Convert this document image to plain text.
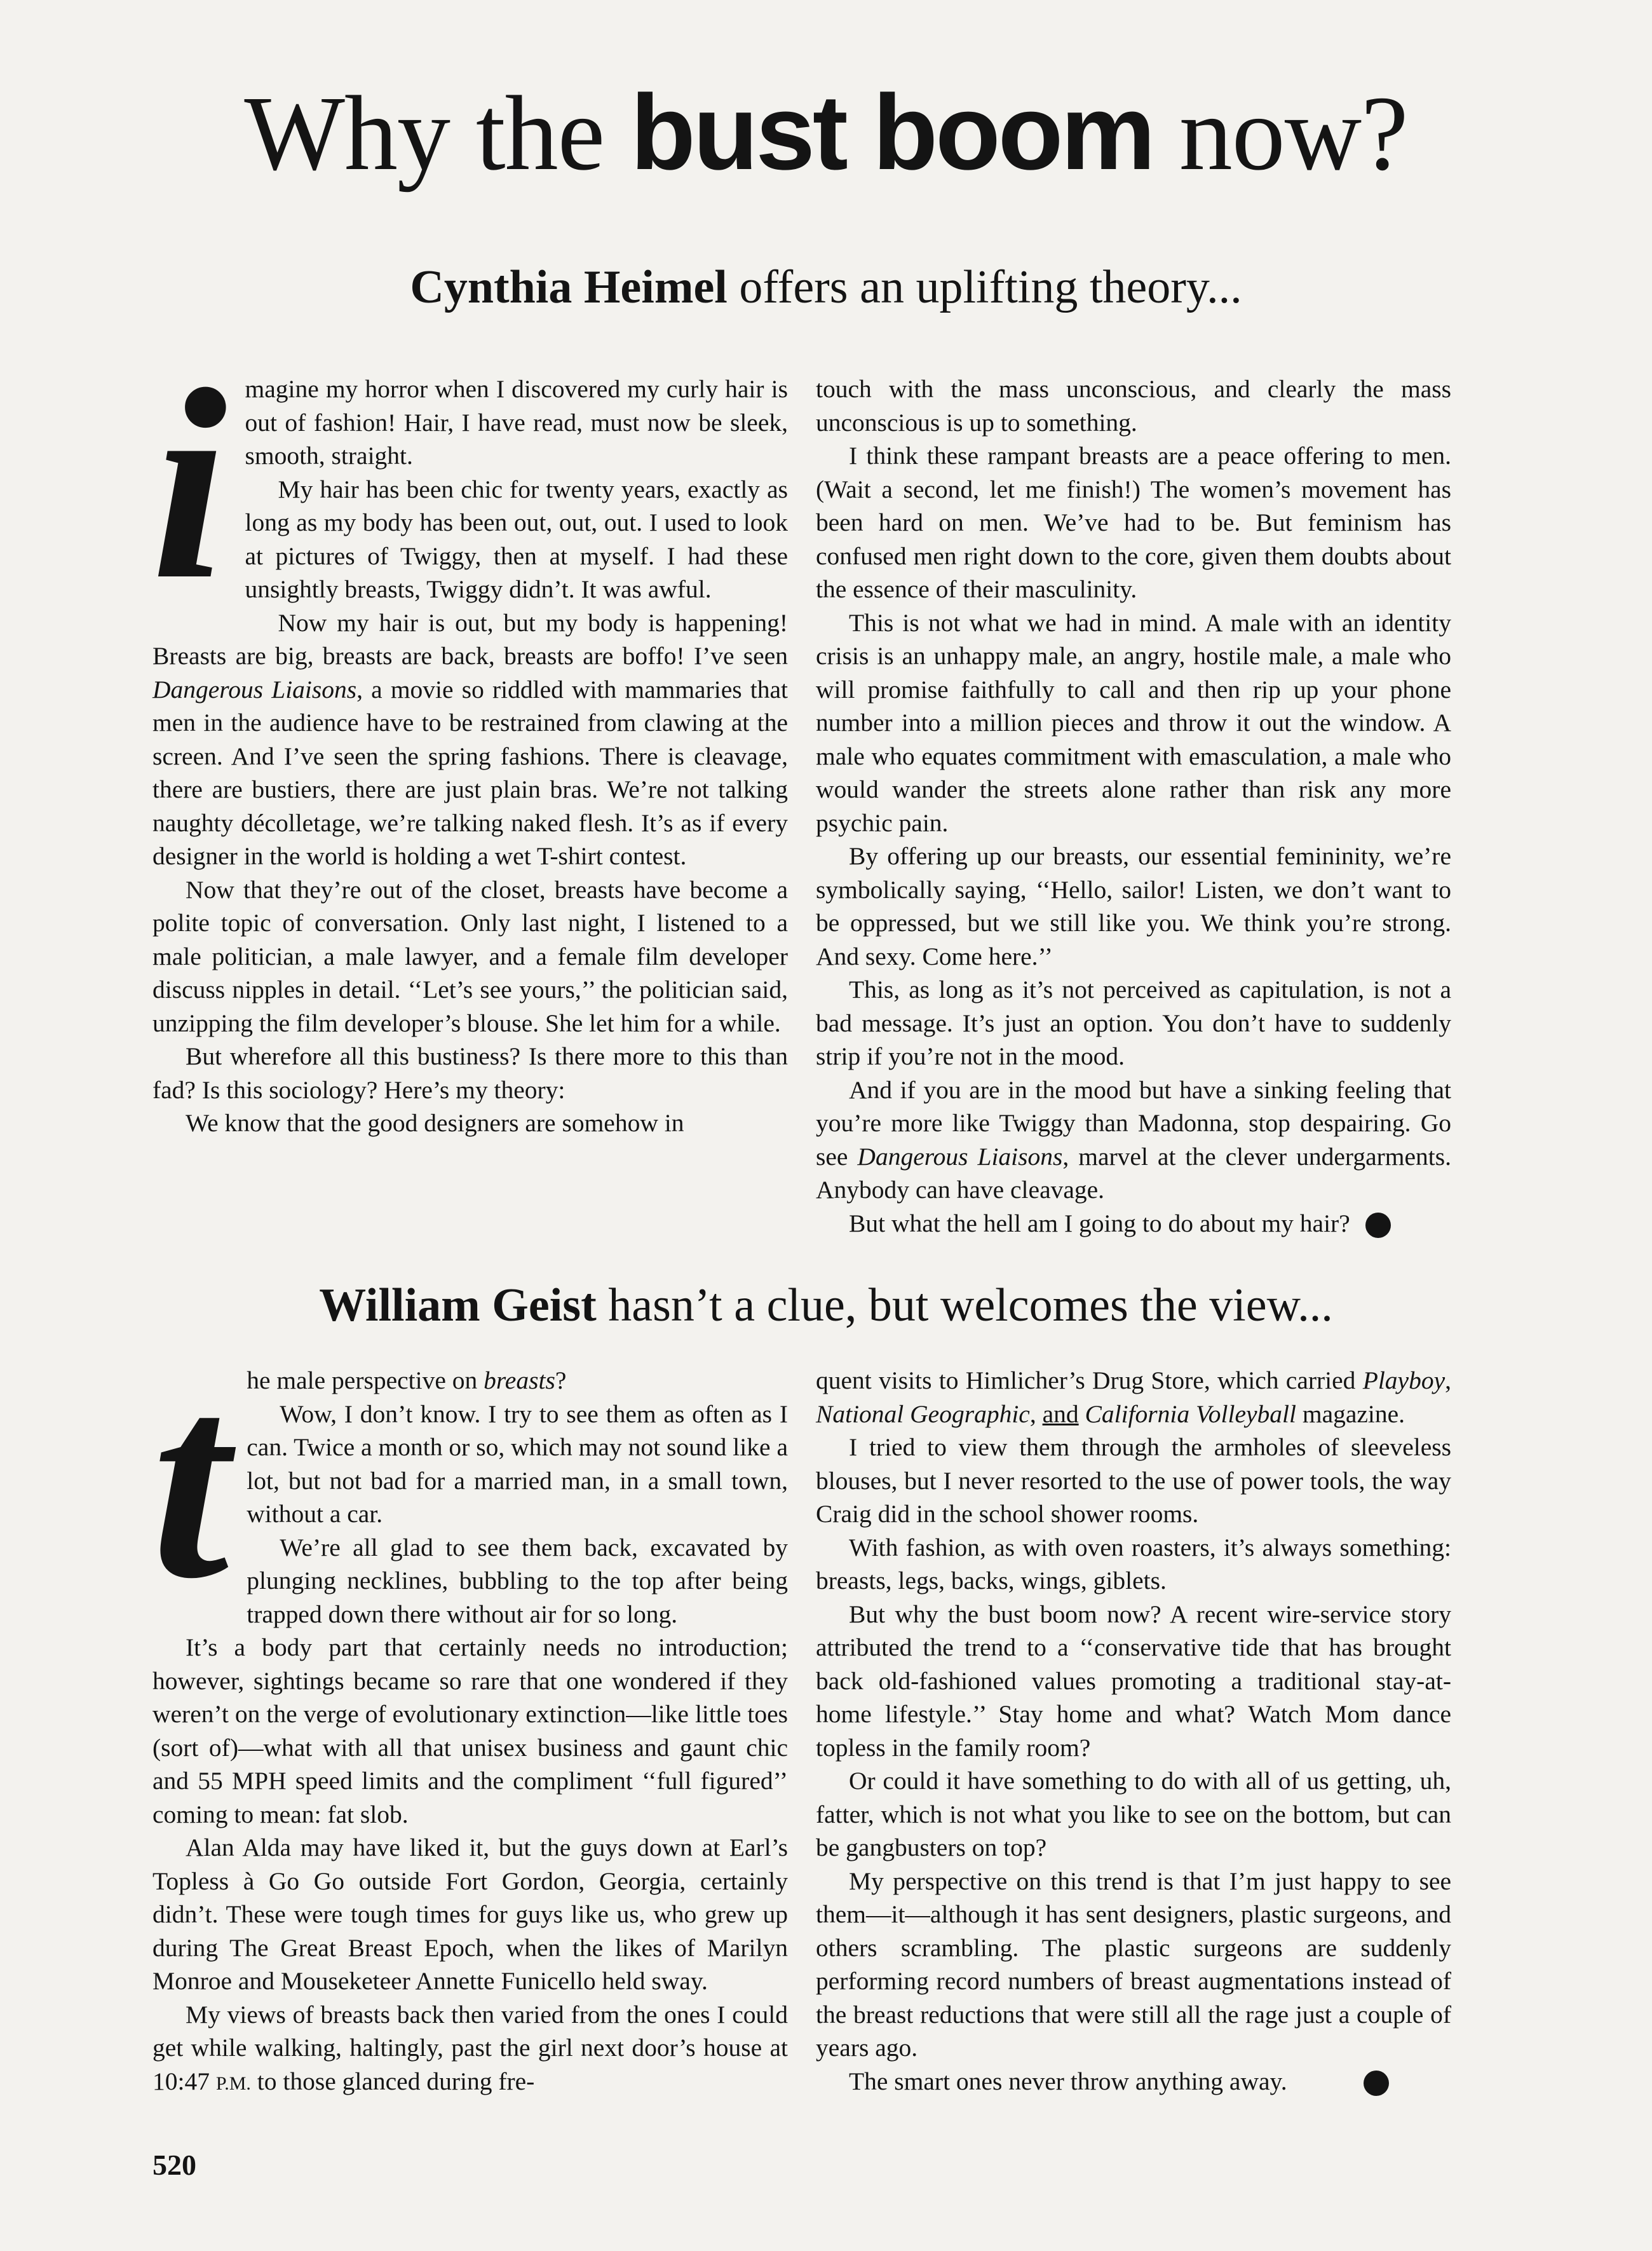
Why the bust boom now?
Cynthia Heimel offers an uplifting theory...

imagine my horror when I discovered my curly hair is out of fashion! Hair, I have read, must now be sleek, smooth, straight.

My hair has been chic for twenty years, exactly as long as my body has been out, out, out. I used to look at pictures of Twiggy, then at myself. I had these unsightly breasts, Twiggy didn’t. It was awful.

Now my hair is out, but my body is happening! Breasts are big, breasts are back, breasts are boffo! I’ve seen Dangerous Liaisons, a movie so riddled with mammaries that men in the audience have to be restrained from clawing at the screen. And I’ve seen the spring fashions. There is cleavage, there are bustiers, there are just plain bras. We’re not talking naughty décolletage, we’re talking naked flesh. It’s as if every designer in the world is holding a wet T-shirt contest.

Now that they’re out of the closet, breasts have become a polite topic of conversation. Only last night, I listened to a male politician, a male lawyer, and a female film developer discuss nipples in detail. ‘‘Let’s see yours,’’ the politician said, unzipping the film developer’s blouse. She let him for a while.

But wherefore all this bustiness? Is there more to this than fad? Is this sociology? Here’s my theory:

We know that the good designers are somehow in

touch with the mass unconscious, and clearly the mass unconscious is up to something.

I think these rampant breasts are a peace offering to men. (Wait a second, let me finish!) The women’s movement has been hard on men. We’ve had to be. But feminism has confused men right down to the core, given them doubts about the essence of their masculinity.

This is not what we had in mind. A male with an identity crisis is an unhappy male, an angry, hostile male, a male who will promise faithfully to call and then rip up your phone number into a million pieces and throw it out the window. A male who equates commitment with emasculation, a male who would wander the streets alone rather than risk any more psychic pain.

By offering up our breasts, our essential femininity, we’re symbolically saying, ‘‘Hello, sailor! Listen, we don’t want to be oppressed, but we still like you. We think you’re strong. And sexy. Come here.’’

This, as long as it’s not perceived as capitulation, is not a bad message. It’s just an option. You don’t have to suddenly strip if you’re not in the mood.

And if you are in the mood but have a sinking feeling that you’re more like Twiggy than Madonna, stop despairing. Go see Dangerous Liaisons, marvel at the clever undergarments. Anybody can have cleavage.

But what the hell am I going to do about my hair?	V

William Geist hasn’t a clue, but welcomes the view...

the male perspective on breasts?

Wow, I don’t know. I try to see them as often as I can. Twice a month or so, which may not sound like a lot, but not bad for a married man, in a small town, without a car.

We’re all glad to see them back, excavated by plunging necklines, bubbling to the top after being trapped down there without air for so long.

It’s a body part that certainly needs no introduction; however, sightings became so rare that one wondered if they weren’t on the verge of evolutionary extinction—like little toes (sort of)—what with all that unisex business and gaunt chic and 55 MPH speed limits and the compliment ‘‘full figured’’ coming to mean: fat slob.

Alan Alda may have liked it, but the guys down at Earl’s Topless à Go Go outside Fort Gordon, Georgia, certainly didn’t. These were tough times for guys like us, who grew up during The Great Breast Epoch, when the likes of Marilyn Monroe and Mouseketeer Annette Funicello held sway.

My views of breasts back then varied from the ones I could get while walking, haltingly, past the girl next door’s house at 10:47 P.M. to those glanced during fre-

quent visits to Himlicher’s Drug Store, which carried Playboy, National Geographic, and California Volleyball magazine.

I tried to view them through the armholes of sleeveless blouses, but I never resorted to the use of power tools, the way Craig did in the school shower rooms.

With fashion, as with oven roasters, it’s always something: breasts, legs, backs, wings, giblets.

But why the bust boom now? A recent wire-service story attributed the trend to a ‘‘conservative tide that has brought back old-fashioned values promoting a traditional stay-at-home lifestyle.’’ Stay home and what? Watch Mom dance topless in the family room?

Or could it have something to do with all of us getting, uh, fatter, which is not what you like to see on the bottom, but can be gangbusters on top?

My perspective on this trend is that I’m just happy to see them—it—although it has sent designers, plastic surgeons, and others scrambling. The plastic surgeons are suddenly performing record numbers of breast augmentations instead of the breast reductions that were still all the rage just a couple of years ago.

The smart ones never throw anything away.	V

520
